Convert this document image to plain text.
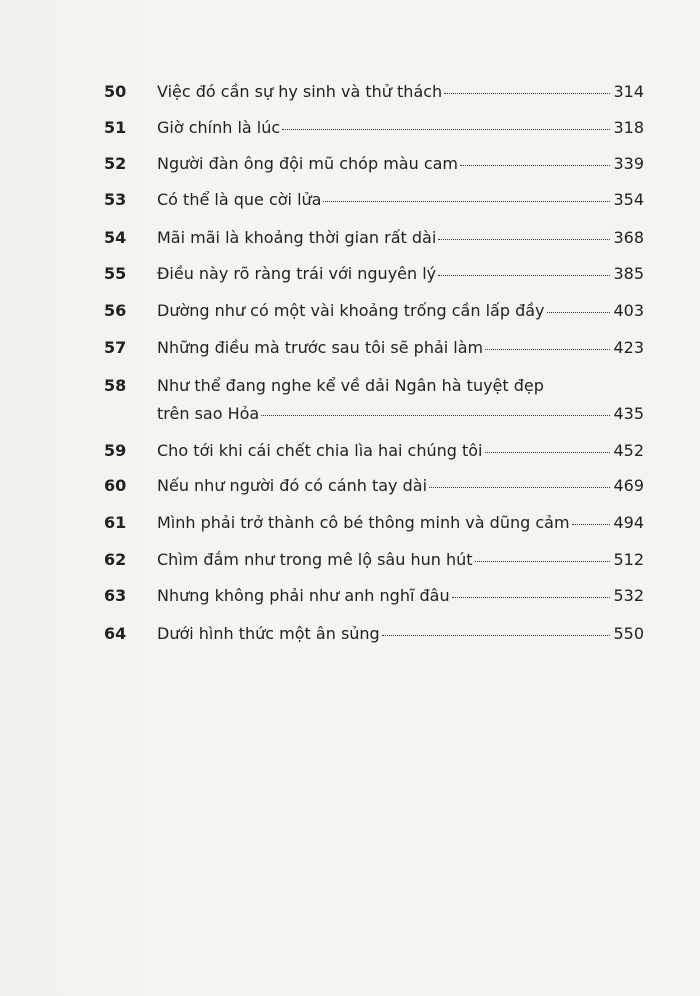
50	Việc đó cần sự hy sinh và thử thách	314
51	Giờ chính là lúc	318
52	Người đàn ông đội mũ chóp màu cam	339
53	Có thể là que cời lửa	354
54	Mãi mãi là khoảng thời gian rất dài	368
55	Điều này rõ ràng trái với nguyên lý	385
56	Dường như có một vài khoảng trống cần lấp đầy	403
57	Những điều mà trước sau tôi sẽ phải làm	423
58	Như thể đang nghe kể về dải Ngân hà tuyệt đẹp
trên sao Hỏa	435
59	Cho tới khi cái chết chia lìa hai chúng tôi	452
60	Nếu như người đó có cánh tay dài	469
61	Mình phải trở thành cô bé thông minh và dũng cảm	494
62	Chìm đắm như trong mê lộ sâu hun hút	512
63	Nhưng không phải như anh nghĩ đâu	532
64	Dưới hình thức một ân sủng	550
